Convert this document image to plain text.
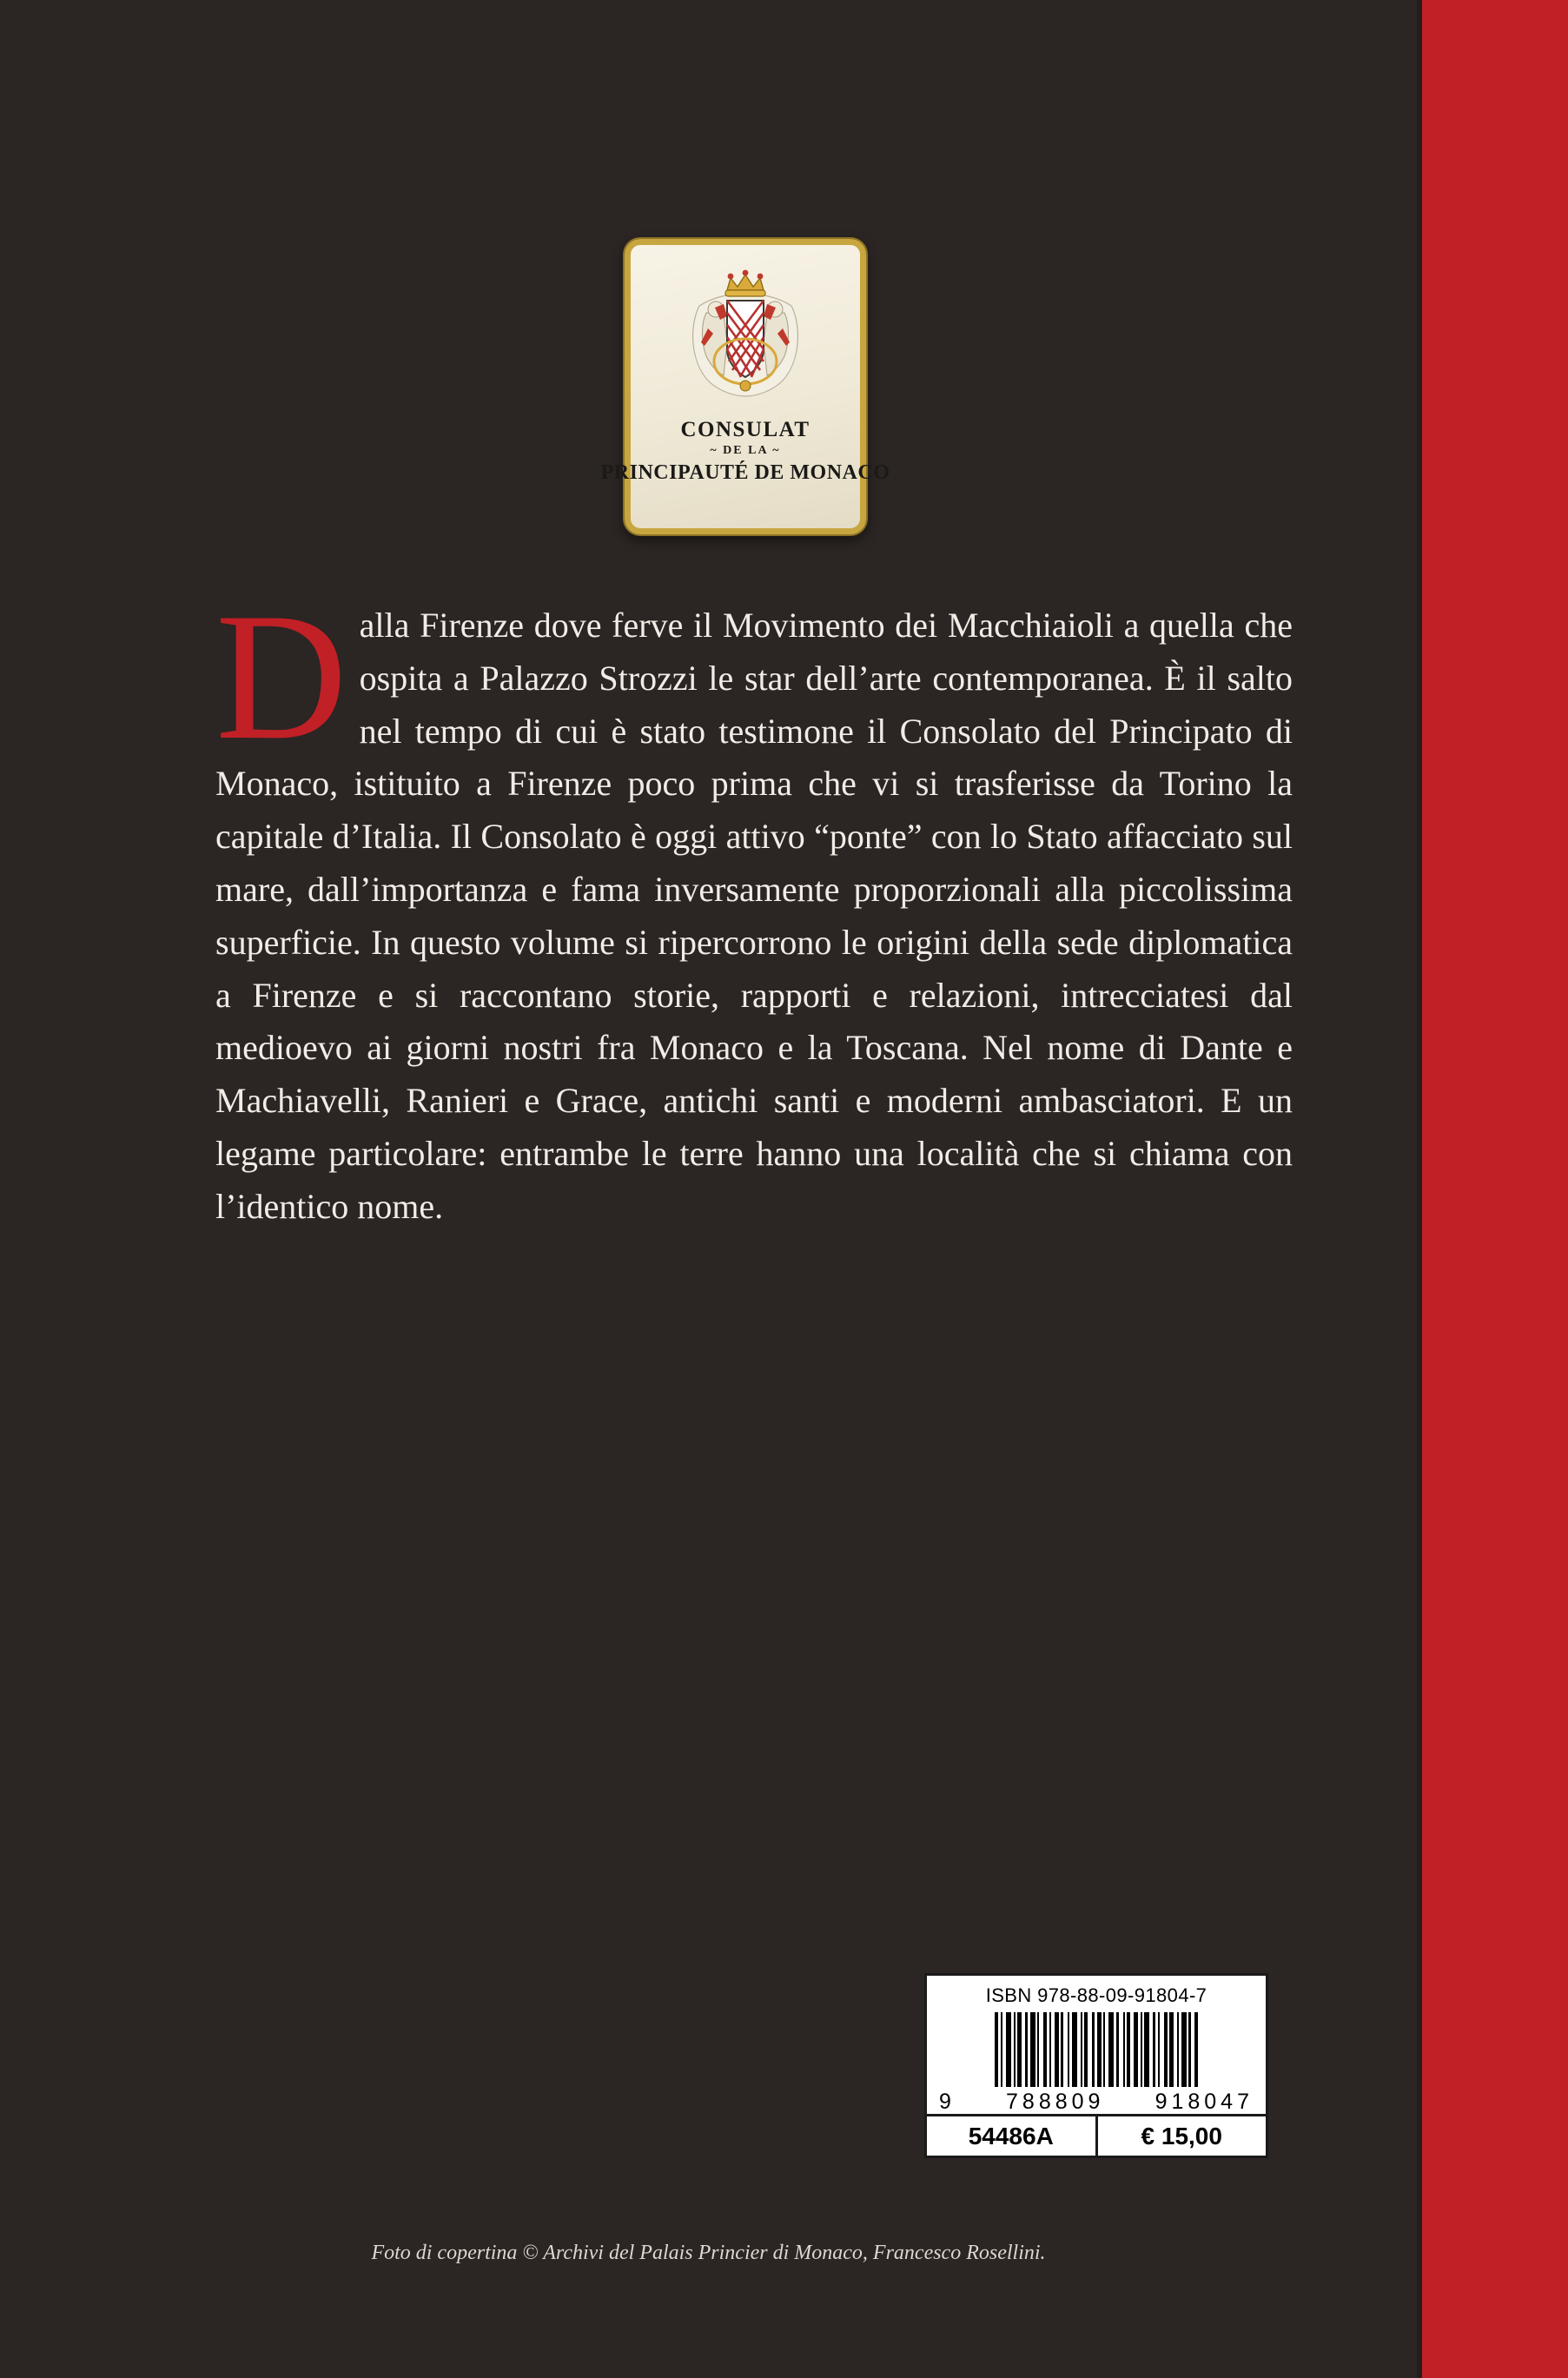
CONSULAT
~ DE LA ~
PRINCIPAUTÉ DE MONACO
Dalla Firenze dove ferve il Movimento dei Macchiaioli a quella che ospita a Palazzo Strozzi le star dell’arte contemporanea. È il salto nel tempo di cui è stato testimone il Consolato del Principato di Monaco, istituito a Firenze poco prima che vi si trasferisse da Torino la capitale d’Italia. Il Consolato è oggi attivo “ponte” con lo Stato affacciato sul mare, dall’importanza e fama inversamente proporzionali alla piccolissima superficie. In questo volume si ripercorrono le origini della sede diplomatica a Firenze e si raccontano storie, rapporti e relazioni, intrecciatesi dal medioevo ai giorni nostri fra Monaco e la Toscana. Nel nome di Dante e Machiavelli, Ranieri e Grace, antichi santi e moderni ambasciatori. E un legame particolare: entrambe le terre hanno una località che si chiama con l’identico nome.
ISBN 978-88-09-91804-7
9 788809 918047
54486A	€ 15,00
Foto di copertina © Archivi del Palais Princier di Monaco, Francesco Rosellini.
